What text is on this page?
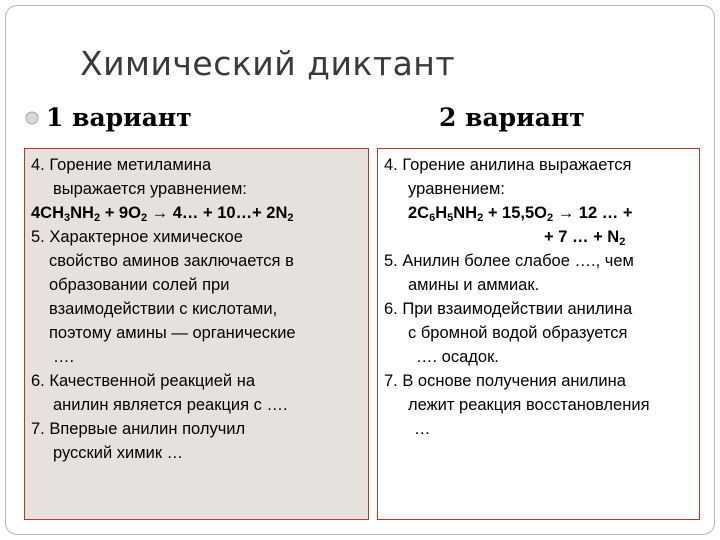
Химический диктант
1 вариант	2 вариант

4. Горение метиламина

выражается уравнением:

$4CH_3NH_2 + 9O_2$ → 4… + 10…+ $2N_2$

5. Характерное химическое

свойство аминов заключается в

образовании солей при

взаимодействии с кислотами,

поэтому амины — органические

….

6. Качественной реакцией на

анилин является реакция с ….

7. Впервые анилин получил

русский химик …

4. Горение анилина выражается

уравнением:

$2C_6H_5NH_2 + 15,5O_2 \to 12$ … +

+ 7 … + $N_2$

5. Анилин более слабое …., чем

амины и аммиак.

6. При взаимодействии анилина

с бромной водой образуется

…. осадок.

7. В основе получения анилина

лежит реакция восстановления

…
